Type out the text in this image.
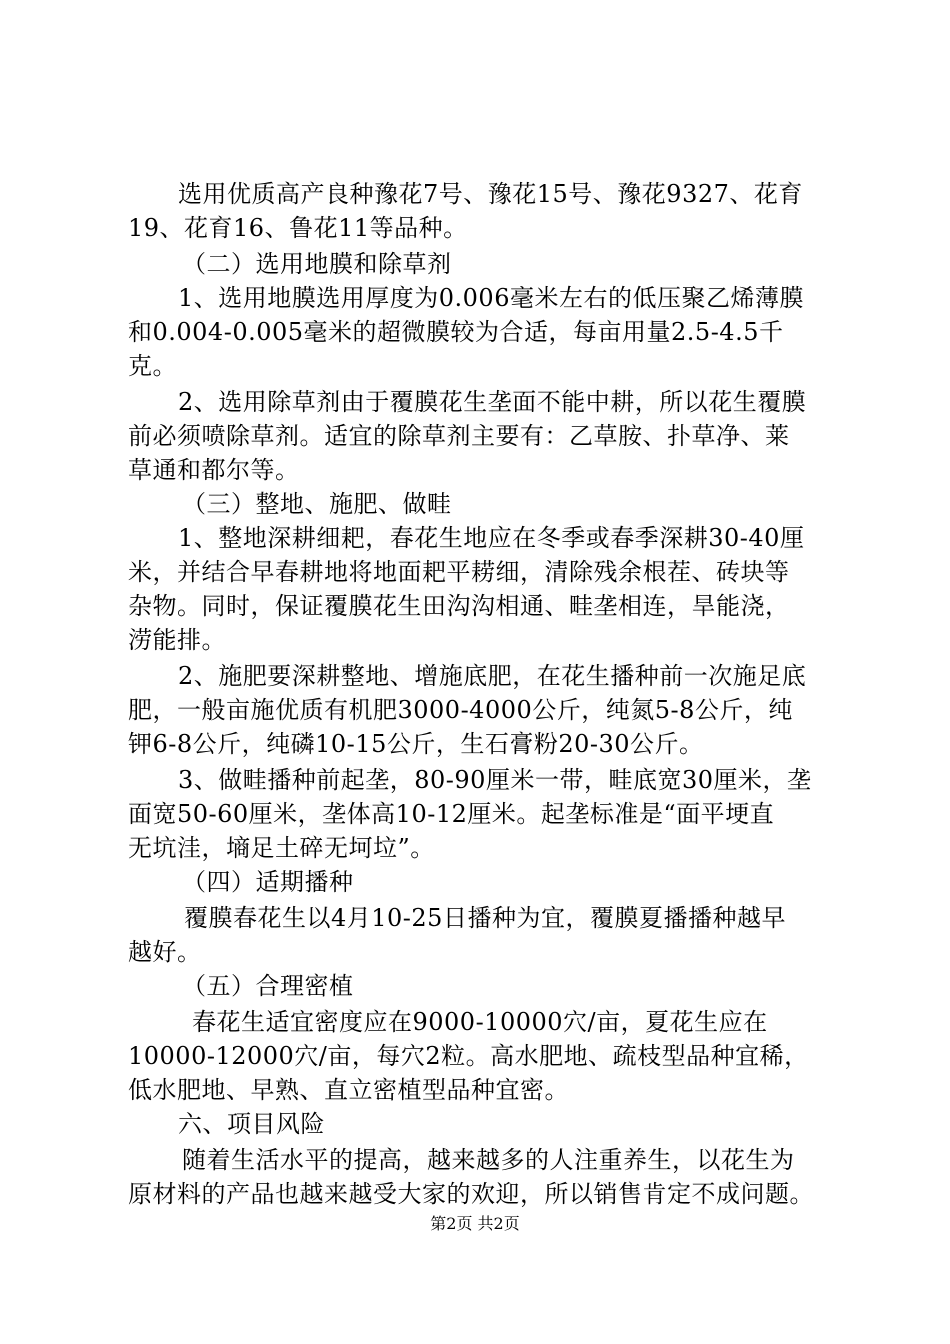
选用优质高产良种豫花7号、豫花15号、豫花9327、花育
19、花育16、鲁花11等品种。
（二）选用地膜和除草剂
1、选用地膜选用厚度为0.006毫米左右的低压聚乙烯薄膜
和0.004-0.005毫米的超微膜较为合适，每亩用量2.5-4.5千
克。
2、选用除草剂由于覆膜花生垄面不能中耕，所以花生覆膜
前必须喷除草剂。适宜的除草剂主要有：乙草胺、扑草净、莱
草通和都尔等。
（三）整地、施肥、做畦
1、整地深耕细耙，春花生地应在冬季或春季深耕30-40厘
米，并结合早春耕地将地面耙平耢细，清除残余根茬、砖块等
杂物。同时，保证覆膜花生田沟沟相通、畦垄相连，旱能浇，
涝能排。
2、施肥要深耕整地、增施底肥，在花生播种前一次施足底
肥，一般亩施优质有机肥3000-4000公斤，纯氮5-8公斤，纯
钾6-8公斤，纯磷10-15公斤，生石膏粉20-30公斤。
3、做畦播种前起垄，80-90厘米一带，畦底宽30厘米，垄
面宽50-60厘米，垄体高10-12厘米。起垄标准是“面平埂直
无坑洼，墒足土碎无坷垃”。
（四）适期播种
覆膜春花生以4月10-25日播种为宜，覆膜夏播播种越早
越好。
（五）合理密植
春花生适宜密度应在9000-10000穴/亩，夏花生应在
10000-12000穴/亩，每穴2粒。高水肥地、疏枝型品种宜稀，
低水肥地、早熟、直立密植型品种宜密。
六、项目风险
随着生活水平的提高，越来越多的人注重养生，以花生为
原材料的产品也越来越受大家的欢迎，所以销售肯定不成问题。
第2页 共2页
